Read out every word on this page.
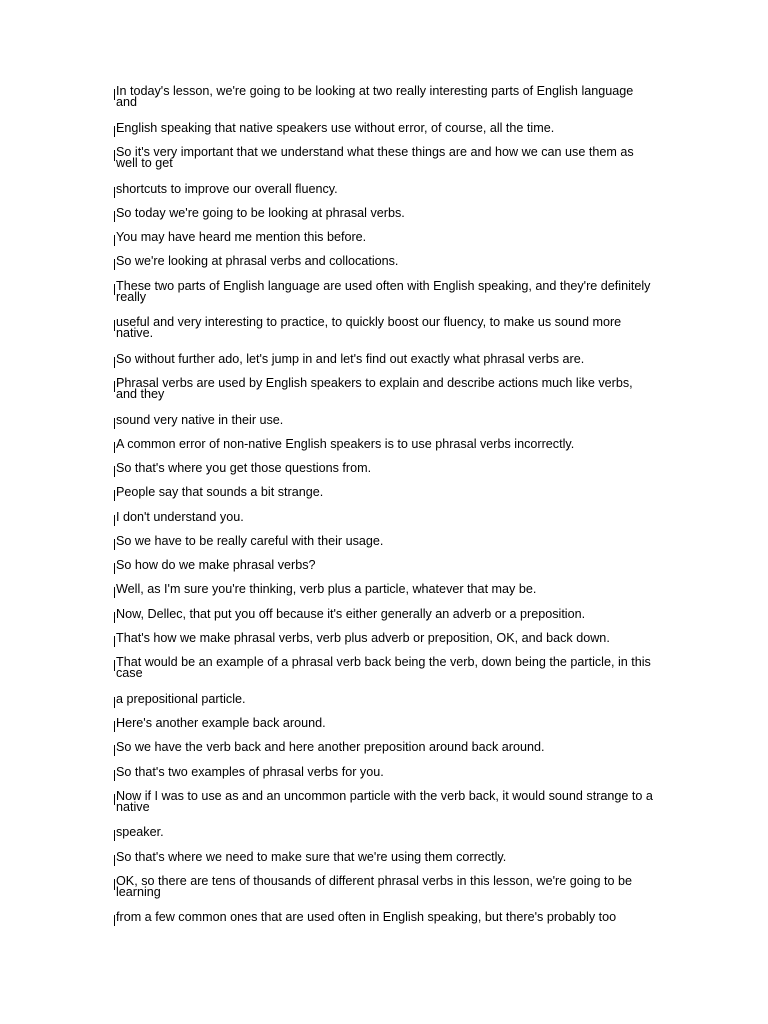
In today's lesson, we're going to be looking at two really interesting parts of English language and

English speaking that native speakers use without error, of course, all the time.

So it's very important that we understand what these things are and how we can use them as well to get

shortcuts to improve our overall fluency.

So today we're going to be looking at phrasal verbs.

You may have heard me mention this before.

So we're looking at phrasal verbs and collocations.

These two parts of English language are used often with English speaking, and they're definitely really

useful and very interesting to practice, to quickly boost our fluency, to make us sound more native.

So without further ado, let's jump in and let's find out exactly what phrasal verbs are.

Phrasal verbs are used by English speakers to explain and describe actions much like verbs, and they

sound very native in their use.

A common error of non-native English speakers is to use phrasal verbs incorrectly.

So that's where you get those questions from.

People say that sounds a bit strange.

I don't understand you.

So we have to be really careful with their usage.

So how do we make phrasal verbs?

Well, as I'm sure you're thinking, verb plus a particle, whatever that may be.

Now, Dellec, that put you off because it's either generally an adverb or a preposition.

That's how we make phrasal verbs, verb plus adverb or preposition, OK, and back down.

That would be an example of a phrasal verb back being the verb, down being the particle, in this case

a prepositional particle.

Here's another example back around.

So we have the verb back and here another preposition around back around.

So that's two examples of phrasal verbs for you.

Now if I was to use as and an uncommon particle with the verb back, it would sound strange to a native

speaker.

So that's where we need to make sure that we're using them correctly.

OK, so there are tens of thousands of different phrasal verbs in this lesson, we're going to be learning

from a few common ones that are used often in English speaking, but there's probably too
